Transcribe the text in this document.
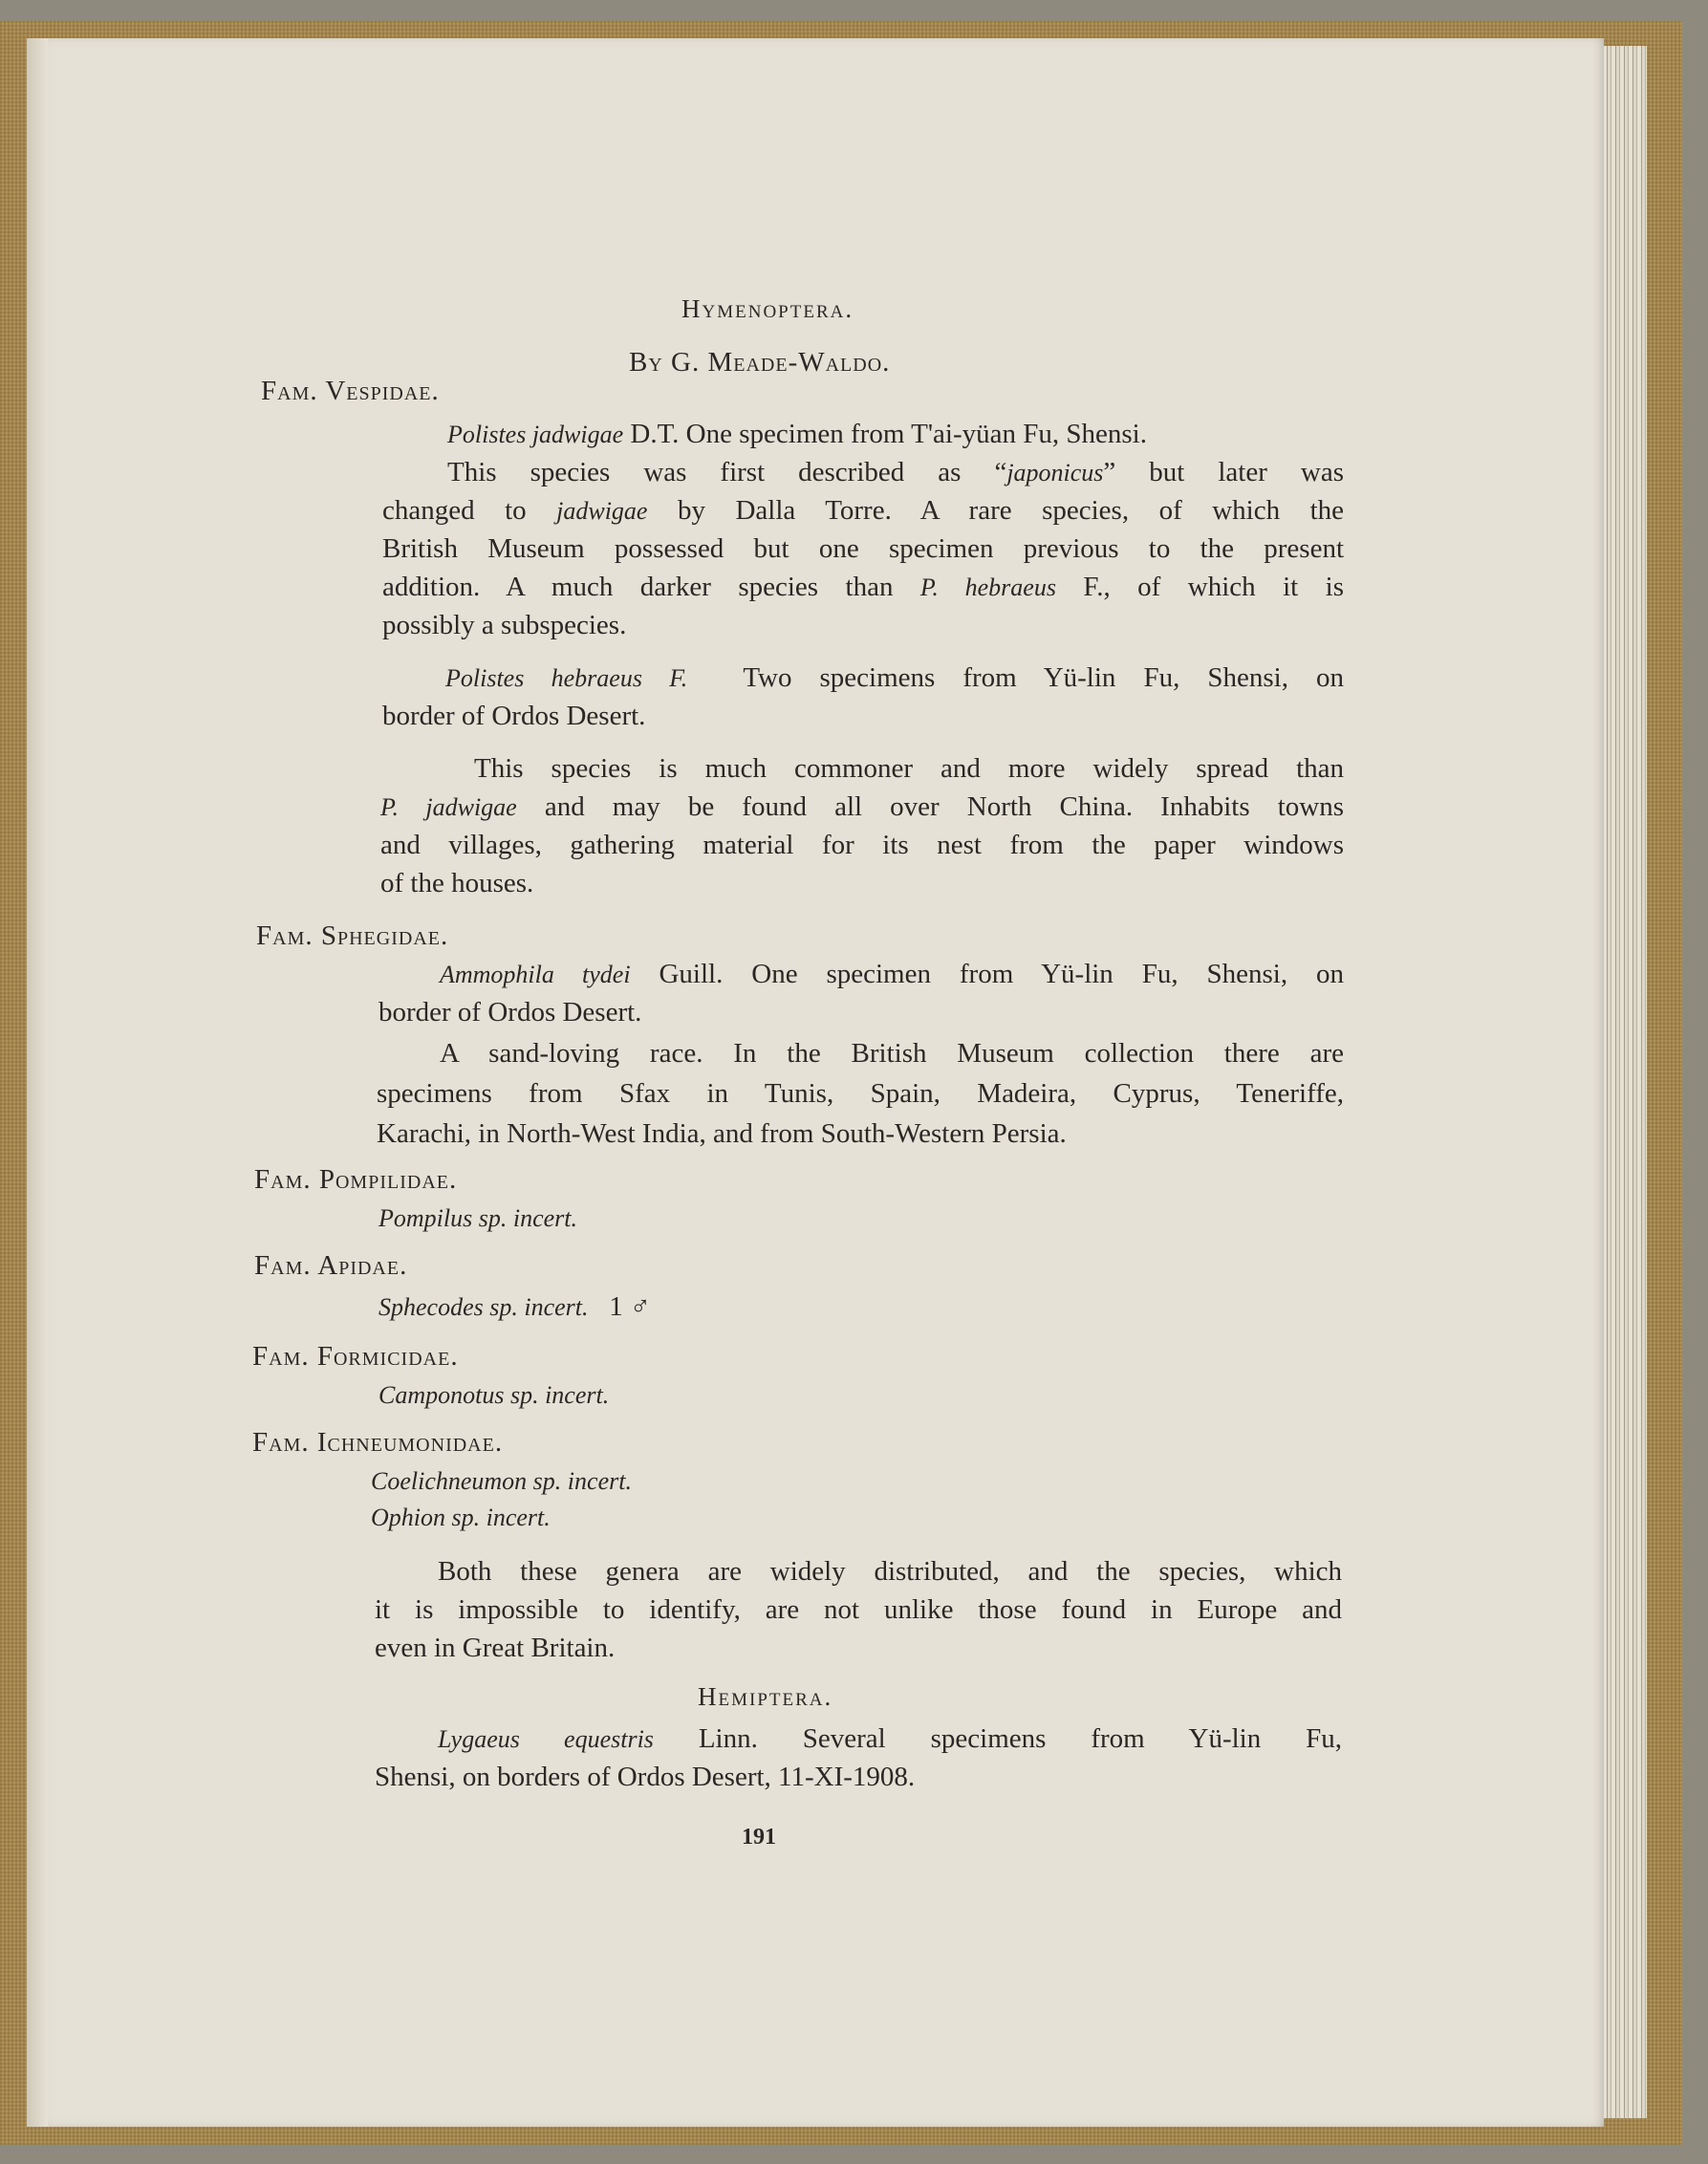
Hymenoptera.
By G. Meade-Waldo.
Fam. Vespidae.
Polistes jadwigae D.T. One specimen from T'ai-yüan Fu, Shensi.
This species was first described as “japonicus” but later was
changed to jadwigae by Dalla Torre. A rare species, of which the
British Museum possessed but one specimen previous to the present
addition. A much darker species than P. hebraeus F., of which it is
possibly a subspecies.
Polistes hebraeus F. Two specimens from Yü-lin Fu, Shensi, on
border of Ordos Desert.
This species is much commoner and more widely spread than
P. jadwigae and may be found all over North China. Inhabits towns
and villages, gathering material for its nest from the paper windows
of the houses.
Fam. Sphegidae.
Ammophila tydei Guill. One specimen from Yü-lin Fu, Shensi, on
border of Ordos Desert.
A sand-loving race. In the British Museum collection there are
specimens from Sfax in Tunis, Spain, Madeira, Cyprus, Teneriffe,
Karachi, in North-West India, and from South-Western Persia.
Fam. Pompilidae.
Pompilus sp. incert.
Fam. Apidae.
Sphecodes sp. incert. 1 ♂
Fam. Formicidae.
Camponotus sp. incert.
Fam. Ichneumonidae.
Coelichneumon sp. incert.
Ophion sp. incert.
Both these genera are widely distributed, and the species, which
it is impossible to identify, are not unlike those found in Europe and
even in Great Britain.
Hemiptera.
Lygaeus equestris Linn. Several specimens from Yü-lin Fu,
Shensi, on borders of Ordos Desert, 11-XI-1908.
191
